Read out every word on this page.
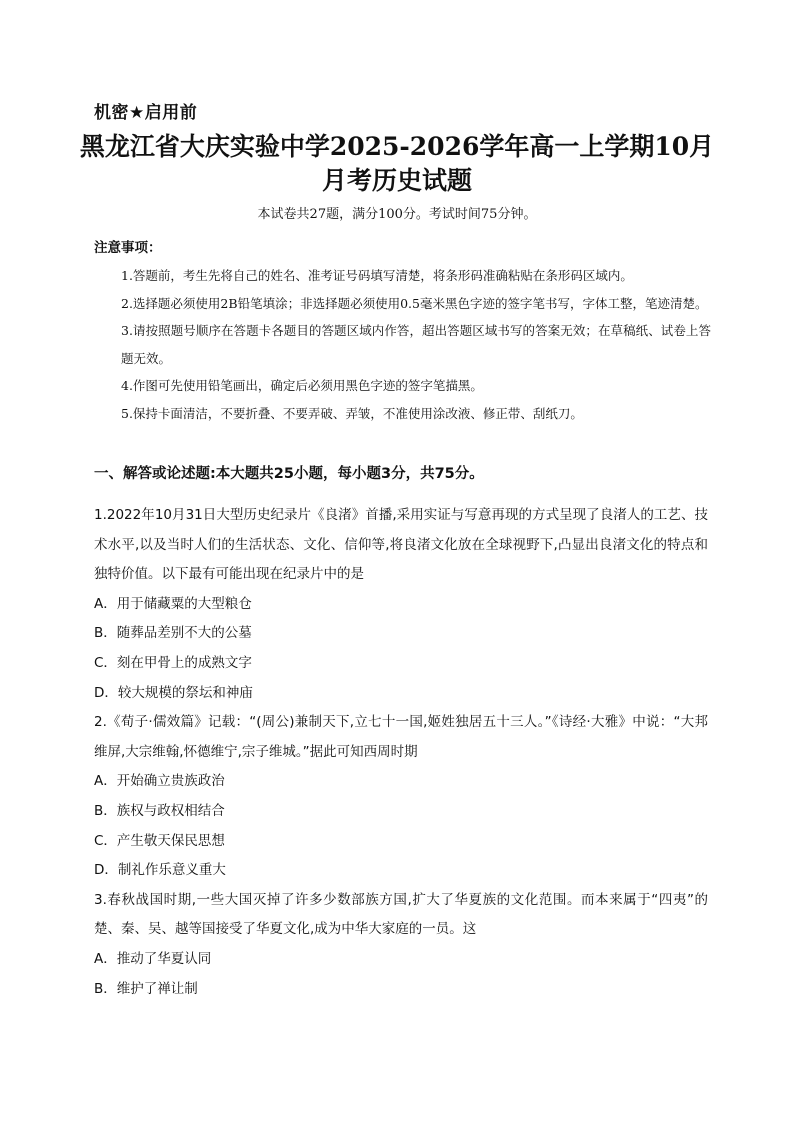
机密★启用前
黑龙江省大庆实验中学2025-2026学年高一上学期10月
月考历史试题
本试卷共27题，满分100分。考试时间75分钟。
注意事项：

1.答题前，考生先将自己的姓名、准考证号码填写清楚，将条形码准确粘贴在条形码区域内。

2.选择题必须使用2B铅笔填涂；非选择题必须使用0.5毫米黑色字迹的签字笔书写，字体工整，笔迹清楚。

3.请按照题号顺序在答题卡各题目的答题区域内作答，超出答题区域书写的答案无效；在草稿纸、试卷上答题无效。

4.作图可先使用铅笔画出，确定后必须用黑色字迹的签字笔描黑。

5.保持卡面清洁，不要折叠、不要弄破、弄皱，不准使用涂改液、修正带、刮纸刀。

一、解答或论述题:本大题共25小题，每小题3分，共75分。

1.2022年10月31日大型历史纪录片《良渚》首播,采用实证与写意再现的方式呈现了良渚人的工艺、技术水平,以及当时人们的生活状态、文化、信仰等,将良渚文化放在全球视野下,凸显出良渚文化的特点和独特价值。以下最有可能出现在纪录片中的是

A．用于储藏粟的大型粮仓

B．随葬品差别不大的公墓

C．刻在甲骨上的成熟文字

D．较大规模的祭坛和神庙

2.《荀子·儒效篇》记载：“(周公)兼制天下,立七十一国,姬姓独居五十三人。”《诗经·大雅》中说：“大邦维屏,大宗维翰,怀德维宁,宗子维城。”据此可知西周时期

A．开始确立贵族政治

B．族权与政权相结合

C．产生敬天保民思想

D．制礼作乐意义重大

3.春秋战国时期,一些大国灭掉了许多少数部族方国,扩大了华夏族的文化范围。而本来属于“四夷”的楚、秦、吴、越等国接受了华夏文化,成为中华大家庭的一员。这

A．推动了华夏认同

B．维护了禅让制
